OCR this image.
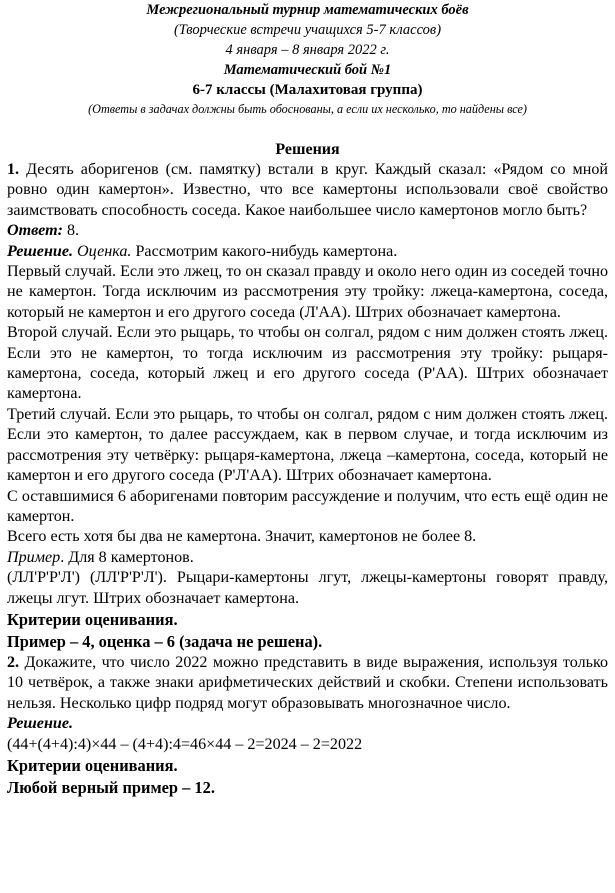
Межрегиональный турнир математических боёв
(Творческие встречи учащихся 5-7 классов)
4 января – 8 января 2022 г.
Математический бой №1
6-7 классы (Малахитовая группа)
(Ответы в задачах должны быть обоснованы, а если их несколько, то найдены все)
Решения

1. Десять аборигенов (см. памятку) встали в круг. Каждый сказал: «Рядом со мной ровно один камертон». Известно, что все камертоны использовали своё свойство заимствовать способность соседа. Какое наибольшее число камертонов могло быть?

Ответ: 8.

Решение. Оценка. Рассмотрим какого-нибудь камертона.

Первый случай. Если это лжец, то он сказал правду и около него один из соседей точно не камертон. Тогда исключим из рассмотрения эту тройку: лжеца-камертона, соседа, который не камертон и его другого соседа (Л'АА). Штрих обозначает камертона.

Второй случай. Если это рыцарь, то чтобы он солгал, рядом с ним должен стоять лжец. Если это не камертон, то тогда исключим из рассмотрения эту тройку: рыцаря-камертона, соседа, который лжец и его другого соседа (Р'АА). Штрих обозначает камертона.

Третий случай. Если это рыцарь, то чтобы он солгал, рядом с ним должен стоять лжец. Если это камертон, то далее рассуждаем, как в первом случае, и тогда исключим из рассмотрения эту четвёрку: рыцаря-камертона, лжеца –камертона, соседа, который не камертон и его другого соседа (Р'Л'АА). Штрих обозначает камертона.

С оставшимися 6 аборигенами повторим рассуждение и получим, что есть ещё один не камертон.

Всего есть хотя бы два не камертона. Значит, камертонов не более 8.

Пример. Для 8 камертонов.

(ЛЛ'Р'Р'Л') (ЛЛ'Р'Р'Л'). Рыцари-камертоны лгут, лжецы-камертоны говорят правду, лжецы лгут. Штрих обозначает камертона.

Критерии оценивания.

Пример – 4, оценка – 6 (задача не решена).

2. Докажите, что число 2022 можно представить в виде выражения, используя только 10 четвёрок, а также знаки арифметических действий и скобки. Степени использовать нельзя. Несколько цифр подряд могут образовывать многозначное число.

Решение.

(44+(4+4):4)×44 – (4+4):4=46×44 – 2=2024 – 2=2022

Критерии оценивания.

Любой верный пример – 12.
